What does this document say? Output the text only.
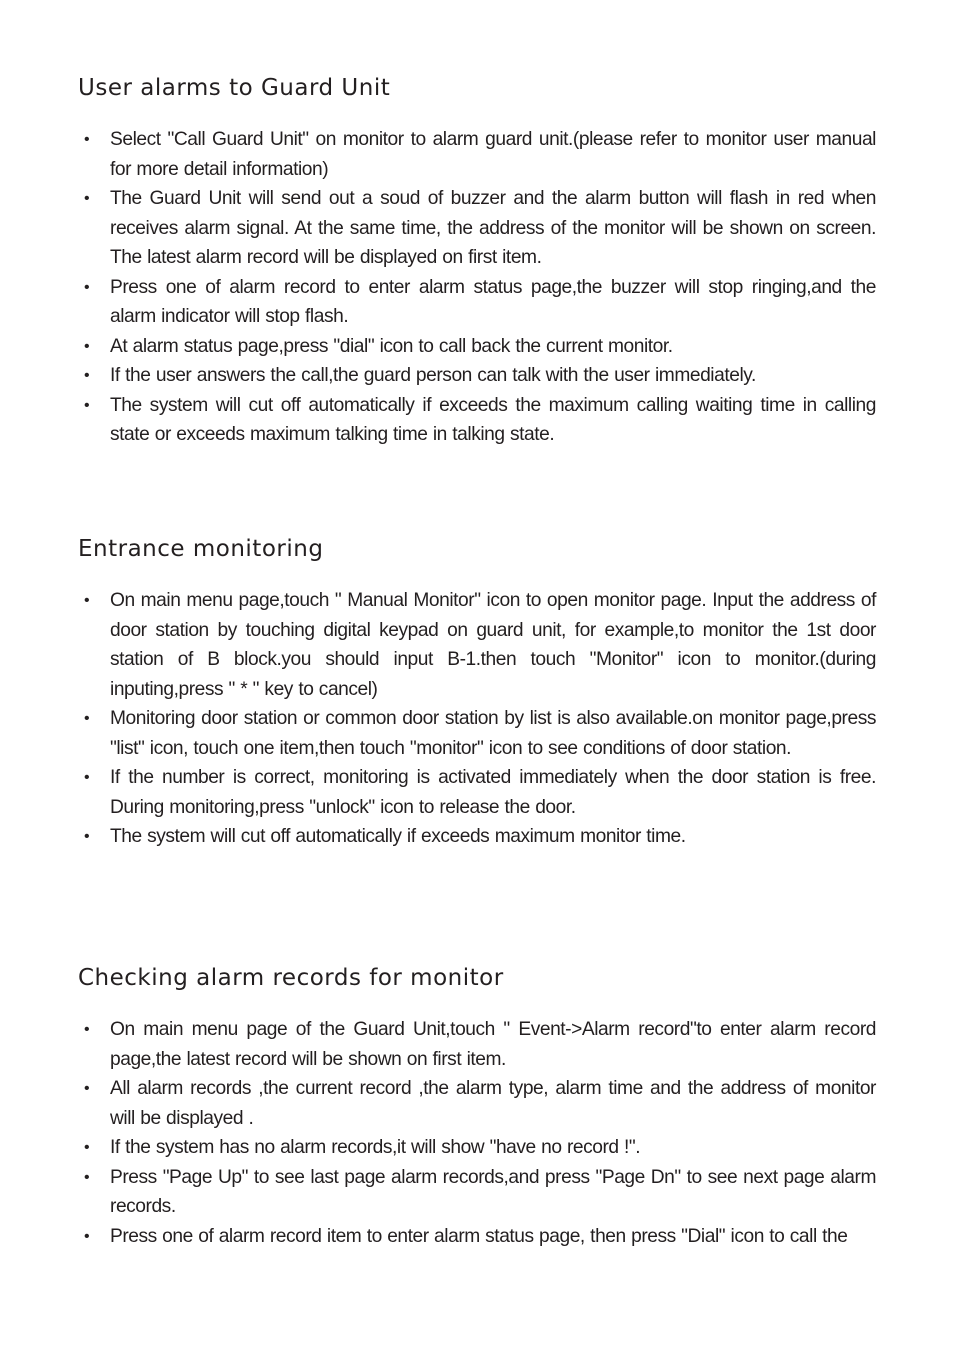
User alarms to Guard Unit
• Select "Call Guard Unit" on monitor to alarm guard unit.(please refer to monitor user manual for more detail information)
• The Guard Unit will send out a soud of buzzer and the alarm button will flash in red when receives alarm signal. At the same time, the address of the monitor will be shown on screen. The latest alarm record will be displayed on first item.
• Press one of alarm record to enter alarm status page,the buzzer will stop ringing,and the alarm indicator will stop flash.
• At alarm status page,press "dial" icon to call back the current monitor.
• If the user answers the call,the guard person can talk with the user immediately.
• The system will cut off automatically if exceeds the maximum calling waiting time in calling state or exceeds maximum talking time in talking state.
Entrance monitoring
• On main menu page,touch " Manual Monitor" icon to open monitor page. Input the address of door station by touching digital keypad on guard unit, for example,to monitor the 1st door station of B block.you should input B-1.then touch "Monitor" icon to monitor.(during inputing,press " * " key to cancel)
• Monitoring door station or common door station by list is also available.on monitor page,press "list" icon, touch one item,then touch "monitor" icon to see conditions of door station.
• If the number is correct, monitoring is activated immediately when the door station is free. During monitoring,press "unlock" icon to release the door.
• The system will cut off automatically if exceeds maximum monitor time.
Checking alarm records for monitor
• On main menu page of the Guard Unit,touch " Event->Alarm record"to enter alarm record page,the latest record will be shown on first item.
• All alarm records ,the current record ,the alarm type, alarm time and the address of monitor will be displayed .
• If the system has no alarm records,it will show "have no record !".
• Press "Page Up" to see last page alarm records,and press "Page Dn" to see next page alarm records.
• Press one of alarm record item to enter alarm status page, then press "Dial" icon to call the
